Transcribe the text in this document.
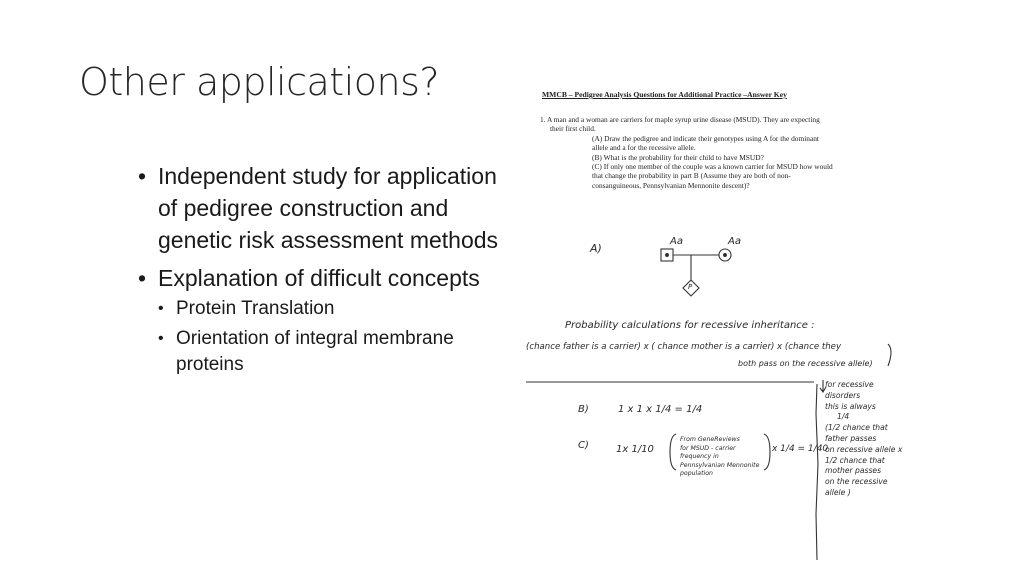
Other applications?
• Independent study for application of pedigree construction and genetic risk assessment methods
• Explanation of difficult concepts
• Protein Translation
• Orientation of integral membrane proteins
MMCB – Pedigree Analysis Questions for Additional Practice –Answer Key
1. A man and a woman are carriers for maple syrup urine disease (MSUD). They are expecting
their first child.
(A) Draw the pedigree and indicate their genotypes using A for the dominant
allele and a for the recessive allele.
(B) What is the probability for their child to have MSUD?
(C) If only one member of the couple was a known carrier for MSUD how would
that change the probability in part B (Assume they are both of non-
consanguineous, Pennsylvanian Mennonite descent)?
A)
Aa	Aa
P
Probability calculations for recessive inheritance :
(chance father is a carrier) x ( chance mother is a carrier) x (chance they
both pass on the recessive allele)
B)	1 x 1 x 1/4 = 1/4
C)	1x 1/10
From GeneReviews
for MSUD - carrier
frequency in
Pennsylvanian Mennonite
population
x 1/4 = 1/40
for recessive
disorders
this is always
1/4
(1/2 chance that
father passes
on recessive allele x
1/2 chance that
mother passes
on the recessive
allele )
